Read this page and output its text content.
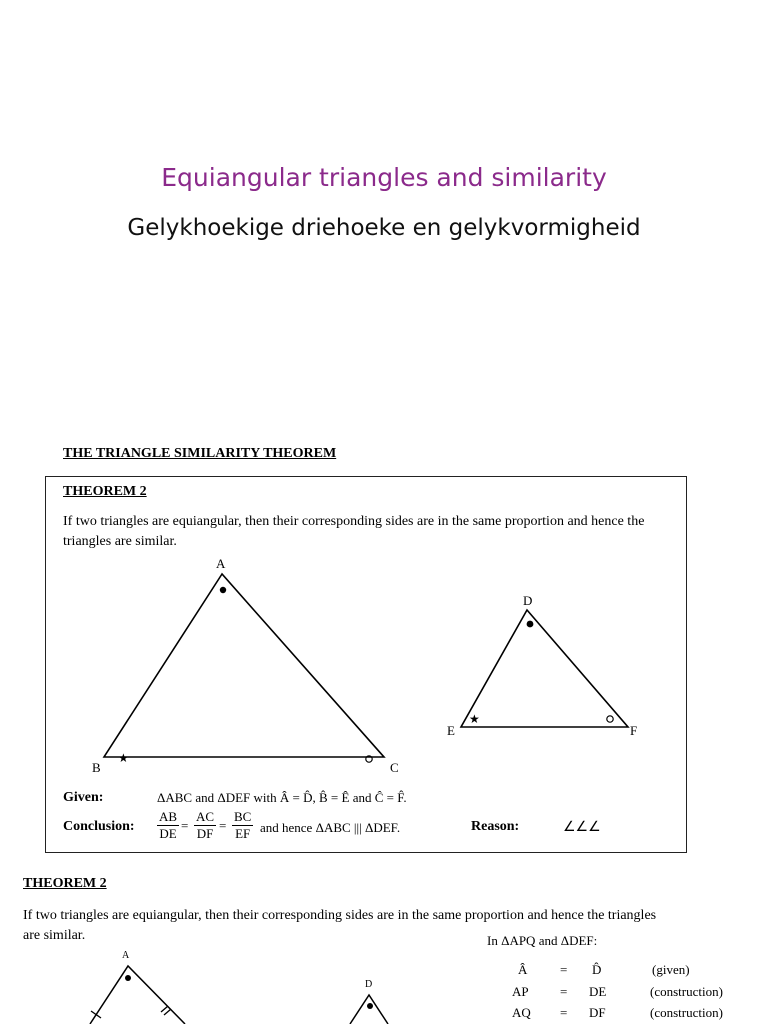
Equiangular triangles and similarity
Gelykhoekige driehoeke en gelykvormigheid
THE TRIANGLE SIMILARITY THEOREM
THEOREM 2
If two triangles are equiangular, then their corresponding sides are in the same proportion and hence the triangles are similar.
★
★
A
B	C
D
E	F
Given:	ΔABC and ΔDEF with Â = D̂, B̂ = Ê and Ĉ = F̂.
Conclusion: $\frac{AB}{DE} = \frac{AC}{DF} = \frac{BC}{EF}$ and hence ΔABC ||| ΔDEF.	Reason:	∠∠∠
THEOREM 2
If two triangles are equiangular, then their corresponding sides are in the same proportion and hence the triangles are similar.
A
D
In ΔAPQ and ΔDEF:
Â	= D̂	(given)
AP = DE	(construction)
AQ = DF	(construction)
